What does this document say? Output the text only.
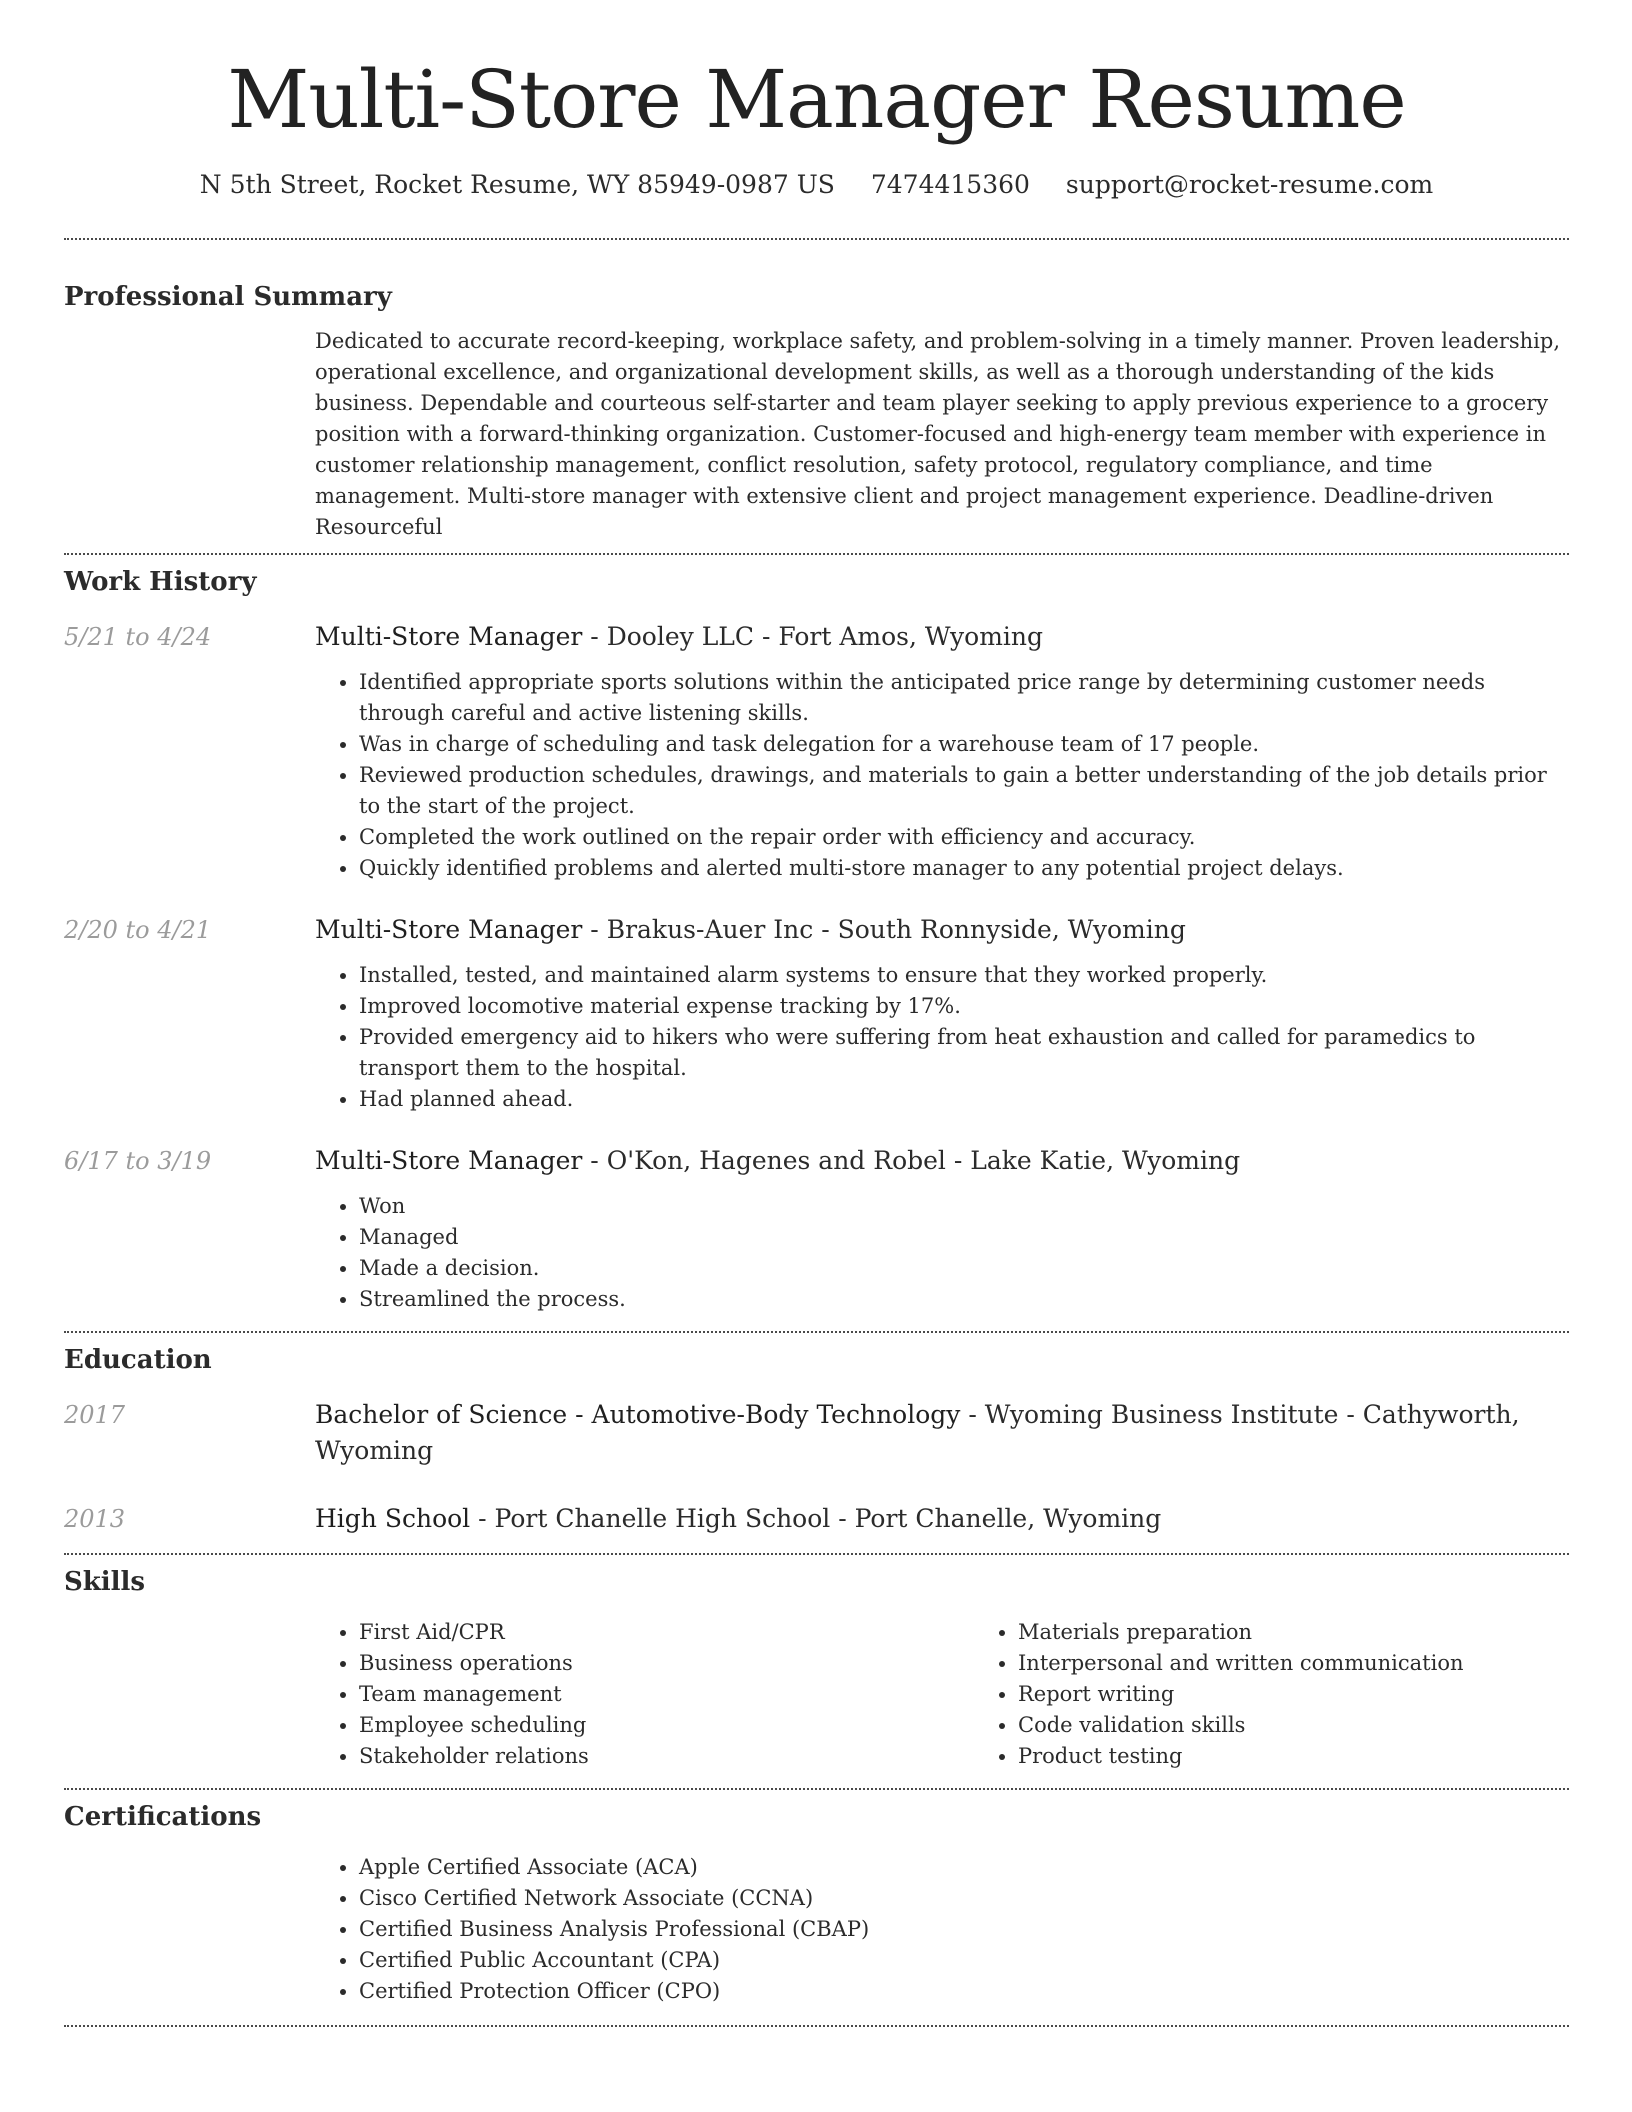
Multi-Store Manager Resume
N 5th Street, Rocket Resume, WY 85949-0987 US 7474415360 support@rocket-resume.com
Professional Summary
Dedicated to accurate record-keeping, workplace safety, and problem-solving in a timely manner. Proven leadership, operational excellence, and organizational development skills, as well as a thorough understanding of the kids business. Dependable and courteous self-starter and team player seeking to apply previous experience to a grocery position with a forward-thinking organization. Customer-focused and high-energy team member with experience in customer relationship management, conflict resolution, safety protocol, regulatory compliance, and time management. Multi-store manager with extensive client and project management experience. Deadline-driven Resourceful
Work History
5/21 to 4/24	Multi-Store Manager - Dooley LLC - Fort Amos, Wyoming
• Identified appropriate sports solutions within the anticipated price range by determining customer needs through careful and active listening skills.
• Was in charge of scheduling and task delegation for a warehouse team of 17 people.
• Reviewed production schedules, drawings, and materials to gain a better understanding of the job details prior to the start of the project.
• Completed the work outlined on the repair order with efficiency and accuracy.
• Quickly identified problems and alerted multi-store manager to any potential project delays.
2/20 to 4/21	Multi-Store Manager - Brakus-Auer Inc - South Ronnyside, Wyoming
• Installed, tested, and maintained alarm systems to ensure that they worked properly.
• Improved locomotive material expense tracking by 17%.
• Provided emergency aid to hikers who were suffering from heat exhaustion and called for paramedics to transport them to the hospital.
• Had planned ahead.
6/17 to 3/19	Multi-Store Manager - O'Kon, Hagenes and Robel - Lake Katie, Wyoming
• Won
• Managed
• Made a decision.
• Streamlined the process.
Education
2017	Bachelor of Science - Automotive-Body Technology - Wyoming Business Institute - Cathyworth, Wyoming
2013	High School - Port Chanelle High School - Port Chanelle, Wyoming
Skills
• First Aid/CPR
• Business operations
• Team management
• Employee scheduling
• Stakeholder relations
• Materials preparation
• Interpersonal and written communication
• Report writing
• Code validation skills
• Product testing
Certifications
• Apple Certified Associate (ACA)
• Cisco Certified Network Associate (CCNA)
• Certified Business Analysis Professional (CBAP)
• Certified Public Accountant (CPA)
• Certified Protection Officer (CPO)
